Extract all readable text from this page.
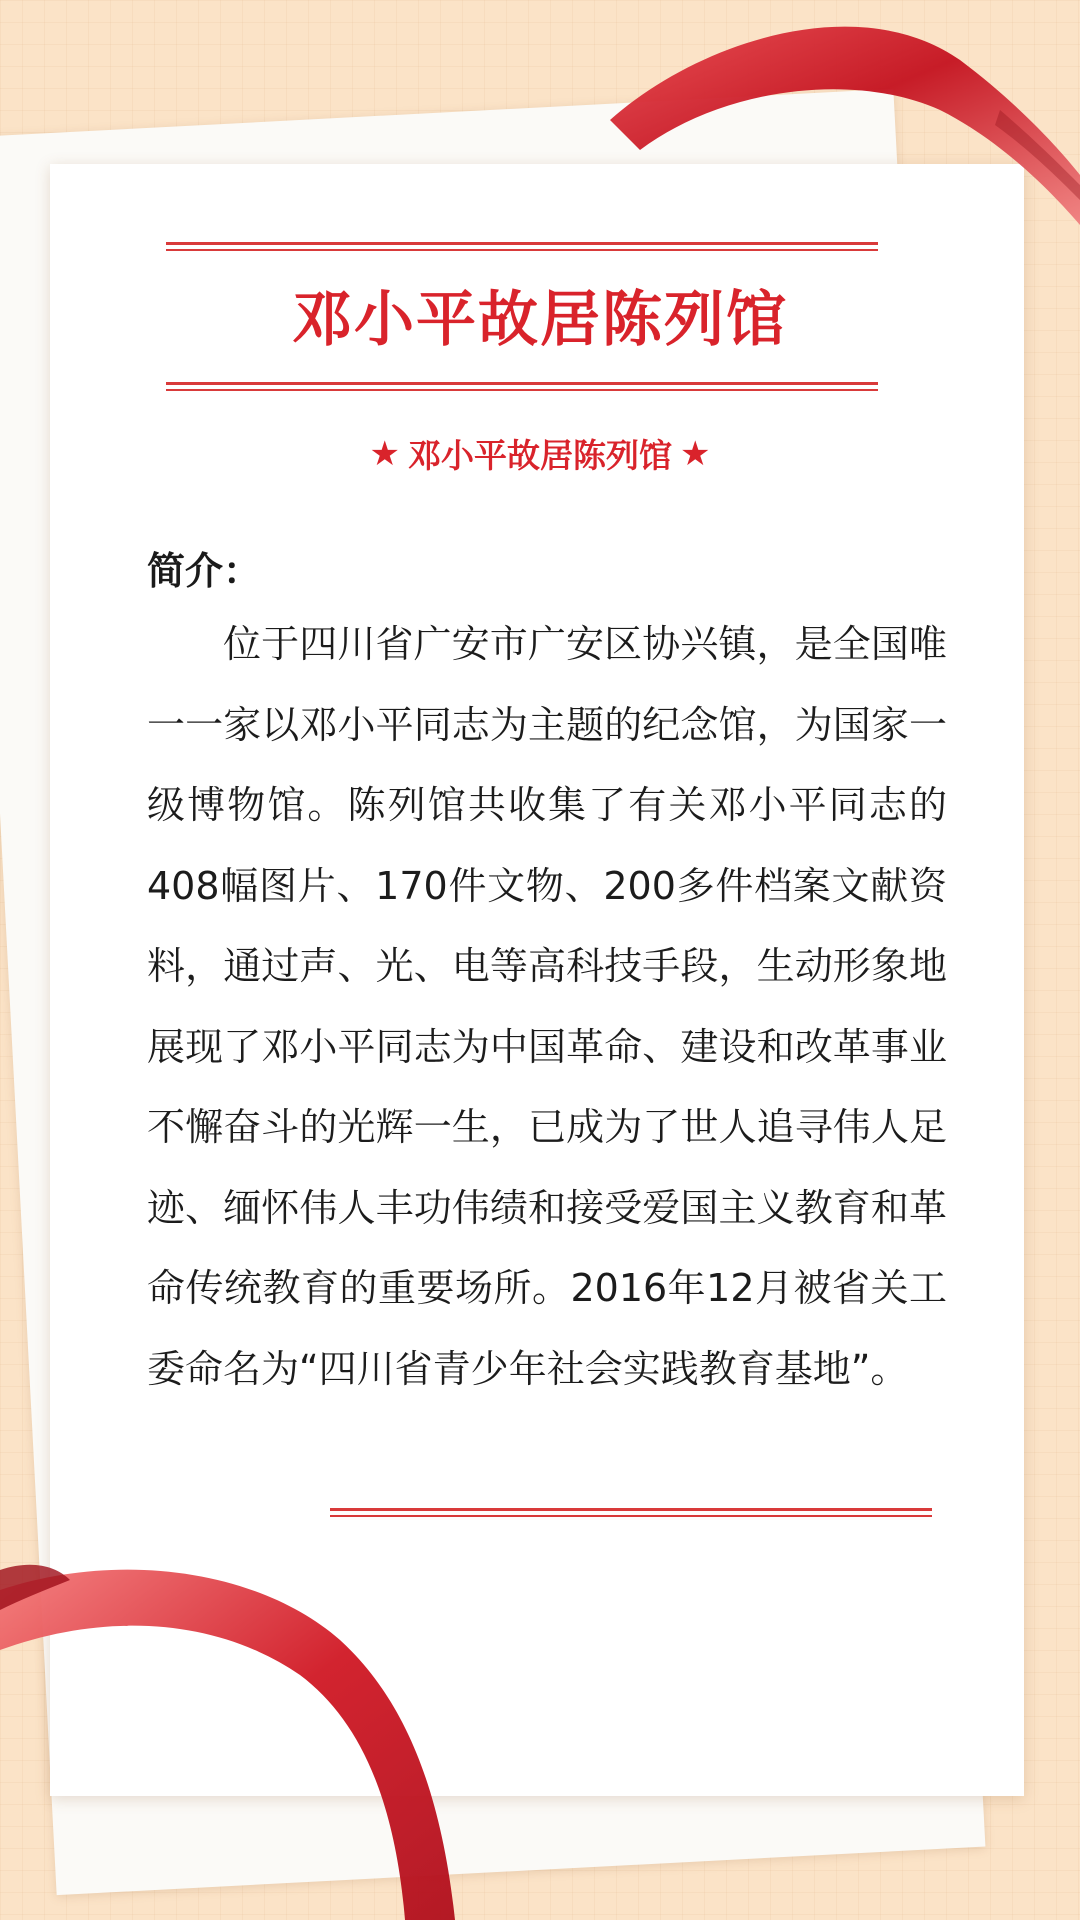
邓小平故居陈列馆
★ 邓小平故居陈列馆 ★
简介：

位于四川省广安市广安区协兴镇，是全国唯一一家以邓小平同志为主题的纪念馆，为国家一级博物馆。陈列馆共收集了有关邓小平同志的408幅图片、170件文物、200多件档案文献资料，通过声、光、电等高科技手段，生动形象地展现了邓小平同志为中国革命、建设和改革事业不懈奋斗的光辉一生，已成为了世人追寻伟人足迹、缅怀伟人丰功伟绩和接受爱国主义教育和革命传统教育的重要场所。2016年12月被省关工委命名为“四川省青少年社会实践教育基地”。
